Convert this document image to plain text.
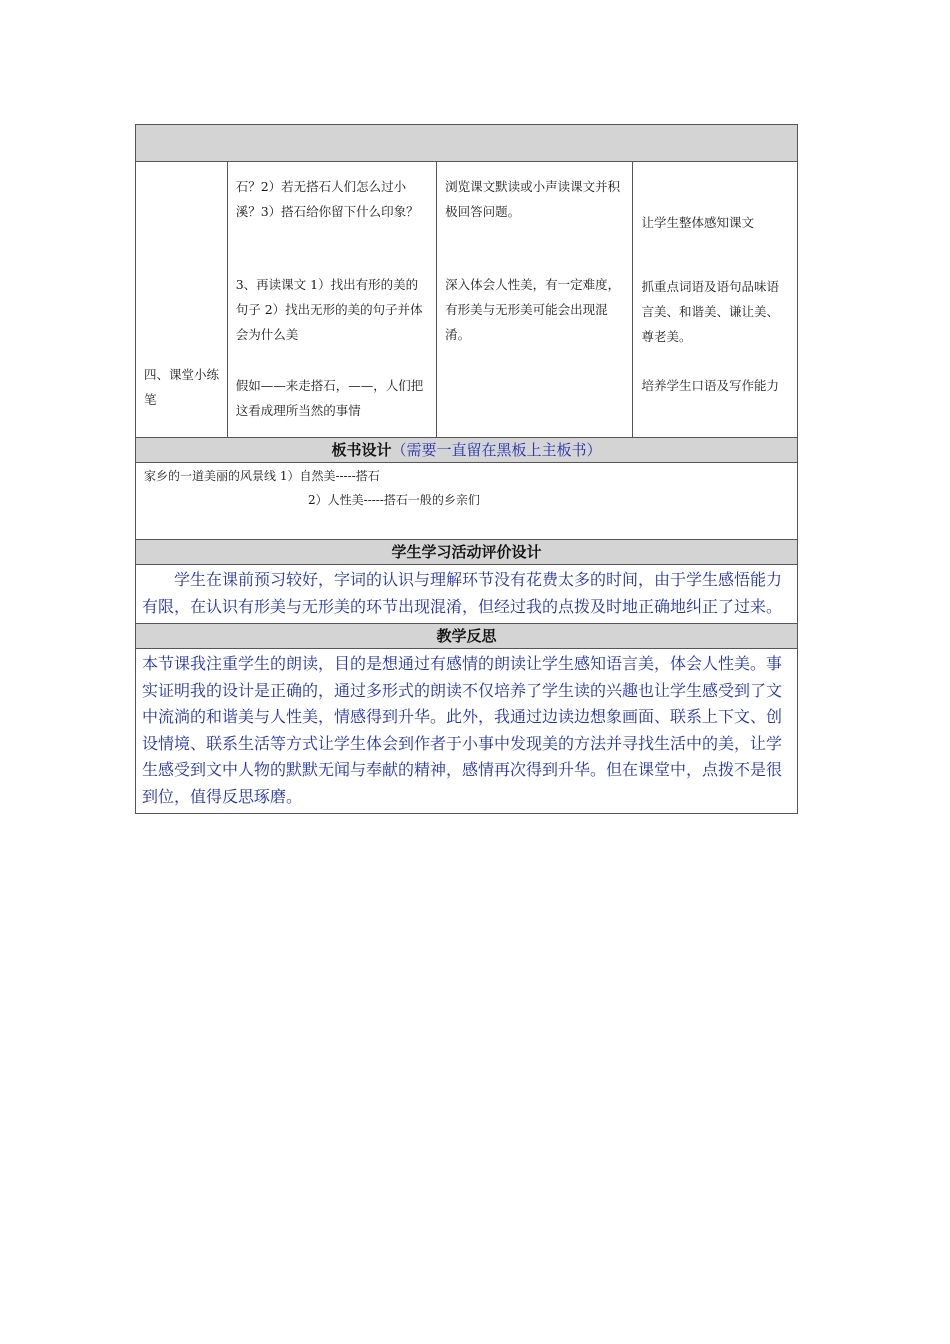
四、课堂小练笔
石？2）若无搭石人们怎么过小溪？3）搭石给你留下什么印象？
3、再读课文 1）找出有形的美的句子 2）找出无形的美的句子并体会为什么美
假如——来走搭石，——，人们把这看成理所当然的事情
浏览课文默读或小声读课文并积极回答问题。
深入体会人性美，有一定难度，有形美与无形美可能会出现混淆。
让学生整体感知课文
抓重点词语及语句品味语言美、和谐美、谦让美、尊老美。
培养学生口语及写作能力
板书设计（需要一直留在黑板上主板书）
家乡的一道美丽的风景线 1）自然美-----搭石
2）人性美-----搭石一般的乡亲们
学生学习活动评价设计
学生在课前预习较好，字词的认识与理解环节没有花费太多的时间，由于学生感悟能力有限，在认识有形美与无形美的环节出现混淆，但经过我的点拨及时地正确地纠正了过来。
教学反思
本节课我注重学生的朗读，目的是想通过有感情的朗读让学生感知语言美，体会人性美。事实证明我的设计是正确的，通过多形式的朗读不仅培养了学生读的兴趣也让学生感受到了文中流淌的和谐美与人性美，情感得到升华。此外，我通过边读边想象画面、联系上下文、创设情境、联系生活等方式让学生体会到作者于小事中发现美的方法并寻找生活中的美，让学生感受到文中人物的默默无闻与奉献的精神，感情再次得到升华。但在课堂中，点拨不是很到位，值得反思琢磨。
